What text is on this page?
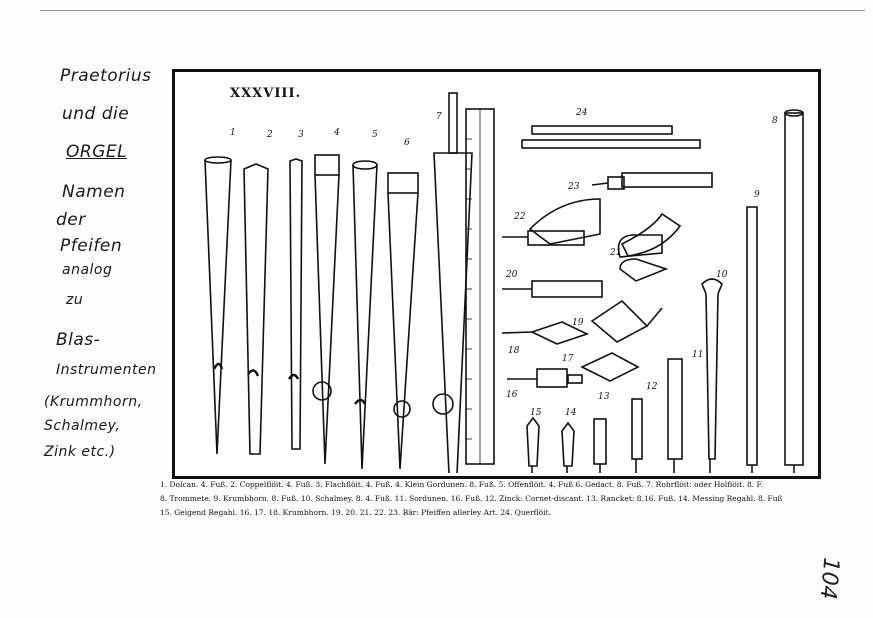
Praetorius
und die
ORGEL
Namen
der
Pfeifen
analog
zu
Blas-
Instrumenten
(Krummhorn,
Schalmey,
Zink etc.)
XXXVIII.
1	2	3	4	5
6
7	8
9
10
11
12
13
14
15
16
17
18
19
20
21
22
23
24
1. Dolcan. 4. Fuß. 2. Coppelflöit. 4. Fuß. 3. Flachflöit. 4. Fuß. 4. Klein Gordunen. 8. Fuß. 5. Offenflöit. 4. Fuß 6. Gedact. 8. Fuß. 7. Rohrflöit: oder Holflöit. 8. F.
8. Trommete. 9. Krumbhorn. 8. Fuß. 10. Schalmey. 8. 4. Fuß. 11. Sordunen. 16. Fuß. 12. Zinck: Cornet-discant. 13. Rancket: 8.16. Fuß. 14. Messing Regahl. 8. Fuß
15. Geigend Regahl. 16. 17. 18. Krumbhorn. 19. 20. 21. 22. 23. Bär: Pfeiffen allerley Art. 24. Querflöit.
104
